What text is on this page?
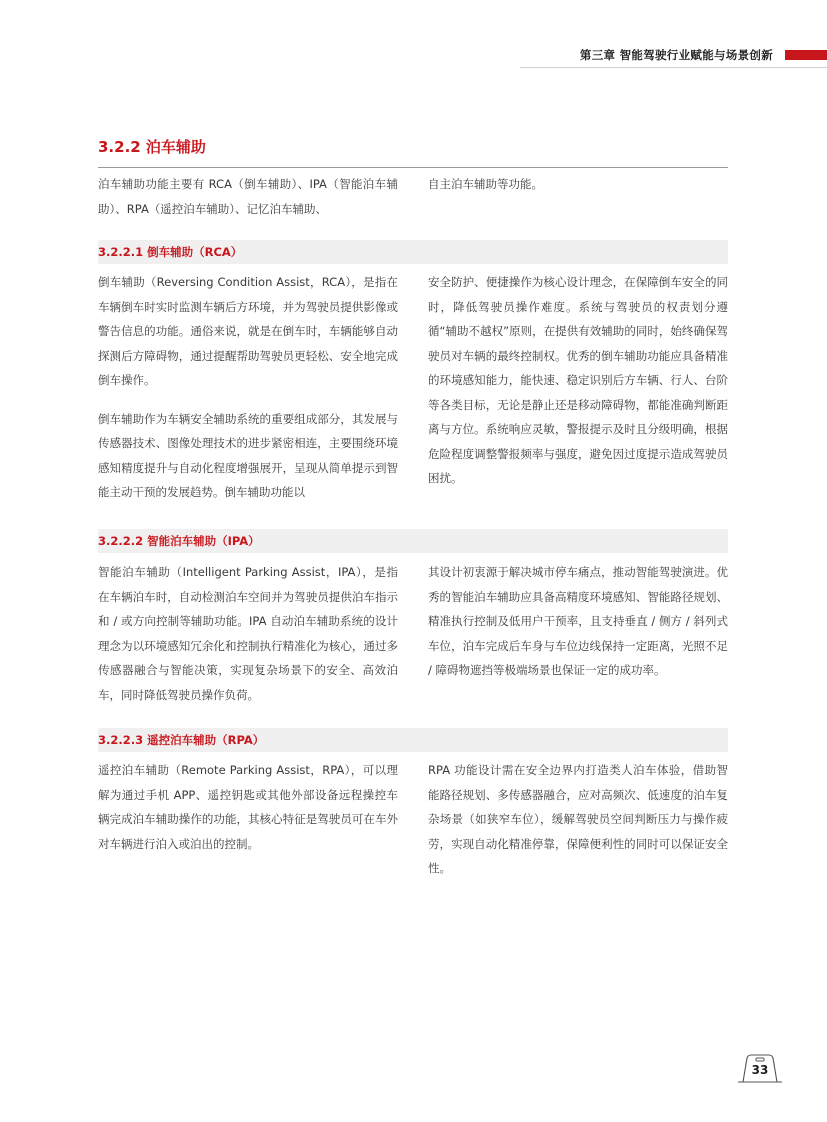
第三章 智能驾驶行业赋能与场景创新
3.2.2 泊车辅助

泊车辅助功能主要有 RCA（倒车辅助）、IPA（智能泊车辅助）、RPA（遥控泊车辅助）、记忆泊车辅助、

自主泊车辅助等功能。

3.2.2.1 倒车辅助（RCA）

倒车辅助（Reversing Condition Assist，RCA），是指在车辆倒车时实时监测车辆后方环境，并为驾驶员提供影像或警告信息的功能。通俗来说，就是在倒车时，车辆能够自动探测后方障碍物，通过提醒帮助驾驶员更轻松、安全地完成倒车操作。

倒车辅助作为车辆安全辅助系统的重要组成部分，其发展与传感器技术、图像处理技术的进步紧密相连，主要围绕环境感知精度提升与自动化程度增强展开，呈现从简单提示到智能主动干预的发展趋势。倒车辅助功能以

安全防护、便捷操作为核心设计理念，在保障倒车安全的同时，降低驾驶员操作难度。系统与驾驶员的权责划分遵循“辅助不越权”原则，在提供有效辅助的同时，始终确保驾驶员对车辆的最终控制权。优秀的倒车辅助功能应具备精准的环境感知能力，能快速、稳定识别后方车辆、行人、台阶等各类目标，无论是静止还是移动障碍物，都能准确判断距离与方位。系统响应灵敏，警报提示及时且分级明确，根据危险程度调整警报频率与强度，避免因过度提示造成驾驶员困扰。

3.2.2.2 智能泊车辅助（IPA）

智能泊车辅助（Intelligent Parking Assist，IPA），是指在车辆泊车时，自动检测泊车空间并为驾驶员提供泊车指示和 / 或方向控制等辅助功能。IPA 自动泊车辅助系统的设计理念为以环境感知冗余化和控制执行精准化为核心，通过多传感器融合与智能决策，实现复杂场景下的安全、高效泊车，同时降低驾驶员操作负荷。

其设计初衷源于解决城市停车痛点，推动智能驾驶演进。优秀的智能泊车辅助应具备高精度环境感知、智能路径规划、精准执行控制及低用户干预率，且支持垂直 / 侧方 / 斜列式车位，泊车完成后车身与车位边线保持一定距离，光照不足 / 障碍物遮挡等极端场景也保证一定的成功率。

3.2.2.3 遥控泊车辅助（RPA）

遥控泊车辅助（Remote Parking Assist，RPA），可以理解为通过手机 APP、遥控钥匙或其他外部设备远程操控车辆完成泊车辅助操作的功能，其核心特征是驾驶员可在车外对车辆进行泊入或泊出的控制。

RPA 功能设计需在安全边界内打造类人泊车体验，借助智能路径规划、多传感器融合，应对高频次、低速度的泊车复杂场景（如狭窄车位），缓解驾驶员空间判断压力与操作疲劳，实现自动化精准停靠，保障便利性的同时可以保证安全性。

33
